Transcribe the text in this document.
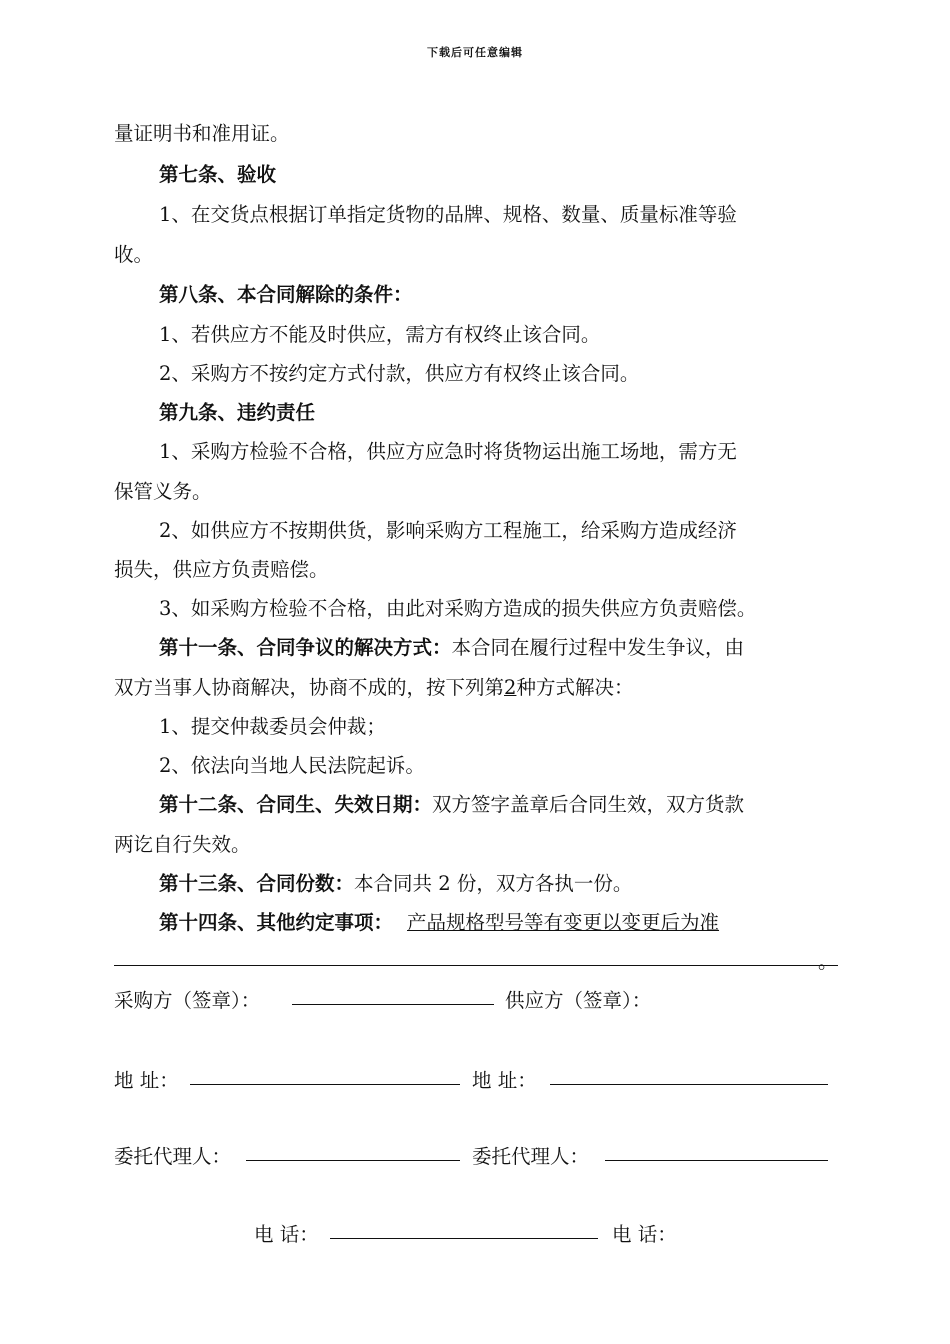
下载后可任意编辑
量证明书和准用证。
第七条、验收
1、在交货点根据订单指定货物的品牌、规格、数量、质量标准等验
收。
第八条、本合同解除的条件：
1、若供应方不能及时供应，需方有权终止该合同。
2、采购方不按约定方式付款，供应方有权终止该合同。
第九条、违约责任
1、采购方检验不合格，供应方应急时将货物运出施工场地，需方无
保管义务。
2、如供应方不按期供货，影响采购方工程施工，给采购方造成经济
损失，供应方负责赔偿。
3、如采购方检验不合格，由此对采购方造成的损失供应方负责赔偿。
第十一条、合同争议的解决方式：本合同在履行过程中发生争议，由
双方当事人协商解决，协商不成的，按下列第2种方式解决：
1、提交仲裁委员会仲裁；
2、依法向当地人民法院起诉。
第十二条、合同生、失效日期：双方签字盖章后合同生效，双方货款
两讫自行失效。
第十三条、合同份数：本合同共 2 份，双方各执一份。
第十四条、其他约定事项： 产品规格型号等有变更以变更后为准
。
采购方（签章）：	供应方（签章）：
地 址：	地 址：
委托代理人：	委托代理人：
电 话：	电 话：
